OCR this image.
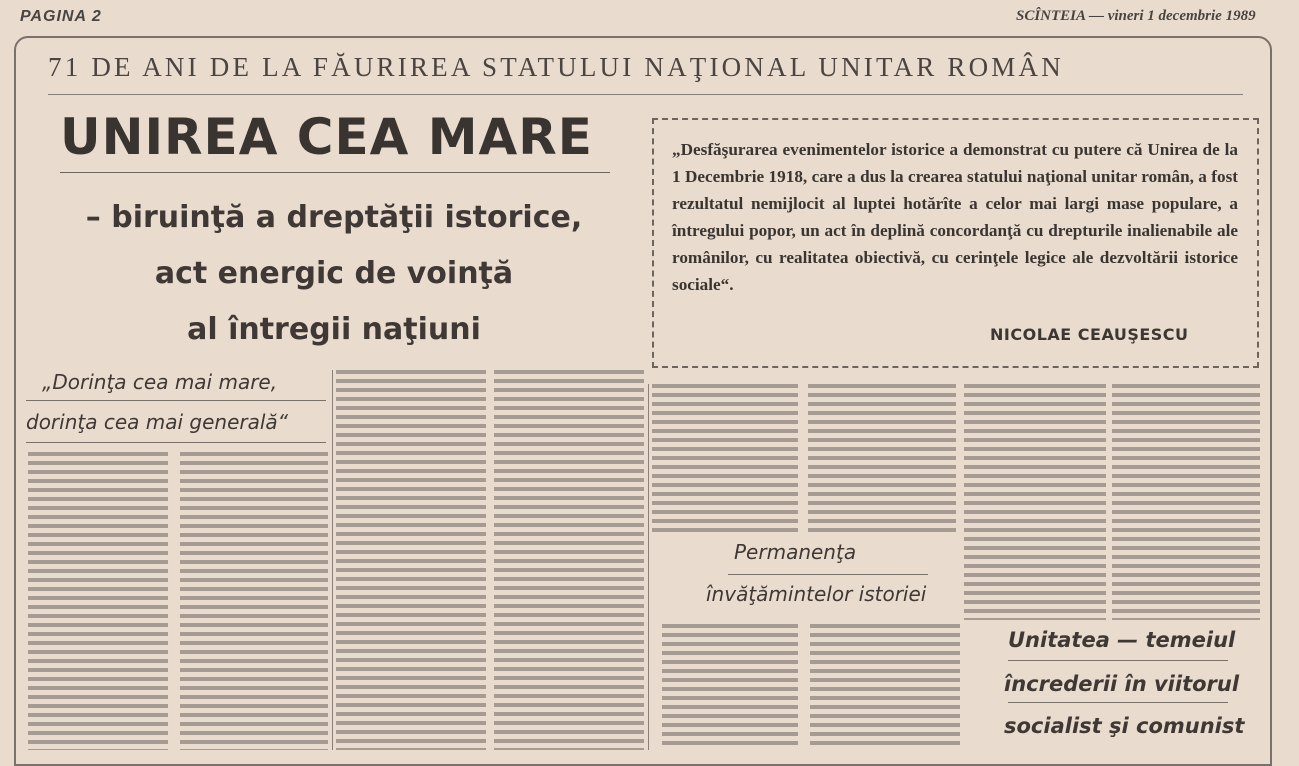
PAGINA 2	SCÎNTEIA — vineri 1 decembrie 1989
71 DE ANI DE LA FĂURIREA STATULUI NAŢIONAL UNITAR ROMÂN
UNIREA CEA MARE
– biruinţă a dreptăţii istorice,
act energic de voinţă
al întregii naţiuni
„Desfăşurarea evenimentelor istorice a demonstrat cu putere că Unirea de la 1 Decembrie 1918, care a dus la crearea statului naţional unitar român, a fost rezultatul nemijlocit al luptei hotărîte a celor mai largi mase populare, a întregului popor, un act în deplină concordanţă cu drepturile inalienabile ale românilor, cu realitatea obiectivă, cu cerinţele legice ale dezvoltării istorice sociale“.
NICOLAE CEAUŞESCU
„Dorinţa cea mai mare,
dorinţa cea mai generală“
Permanenţa
învăţămintelor istoriei
Unitatea — temeiul
încrederii în viitorul
socialist şi comunist
